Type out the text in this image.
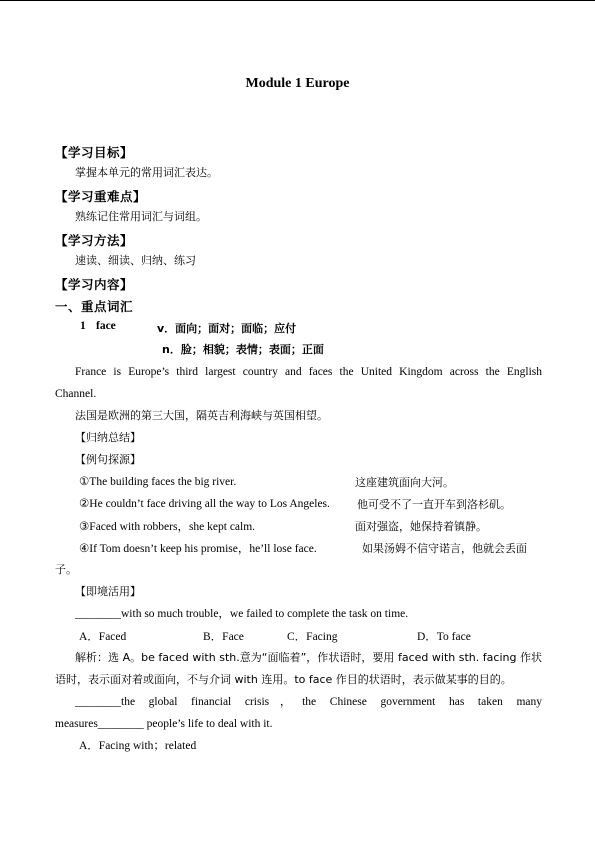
Module 1 Europe
【学习目标】
掌握本单元的常用词汇表达。
【学习重难点】
熟练记住常用词汇与词组。
【学习方法】
速读、细读、归纳、练习
【学习内容】
一、重点词汇
1 face	v．面向；面对；面临；应付
n．脸；相貌；表情；表面；正面
France is Europe’s third largest country and faces the United Kingdom across the English
Channel.
法国是欧洲的第三大国，隔英吉利海峡与英国相望。
【归纳总结】
【例句探源】
①The building faces the big river.	这座建筑面向大河。
②He couldn’t face driving all the way to Los Angeles. 他可受不了一直开车到洛杉矶。
③Faced with robbers，she kept calm.	面对强盗，她保持着镇静。
④If Tom doesn’t keep his promise，he’ll lose face.	如果汤姆不信守诺言，他就会丢面
子。
【即境活用】
________with so much trouble，we failed to complete the task on time.
A．Faced	B．Face	C．Facing	D．To face
解析：选 A。be faced with sth.意为“面临着”，作状语时，要用 faced with sth. facing 作状
语时，表示面对着或面向，不与介词 with 连用。to face 作目的状语时，表示做某事的目的。
________the global financial crisis，the Chinese government has taken many
measures________ people’s life to deal with it.
A．Facing with；related
